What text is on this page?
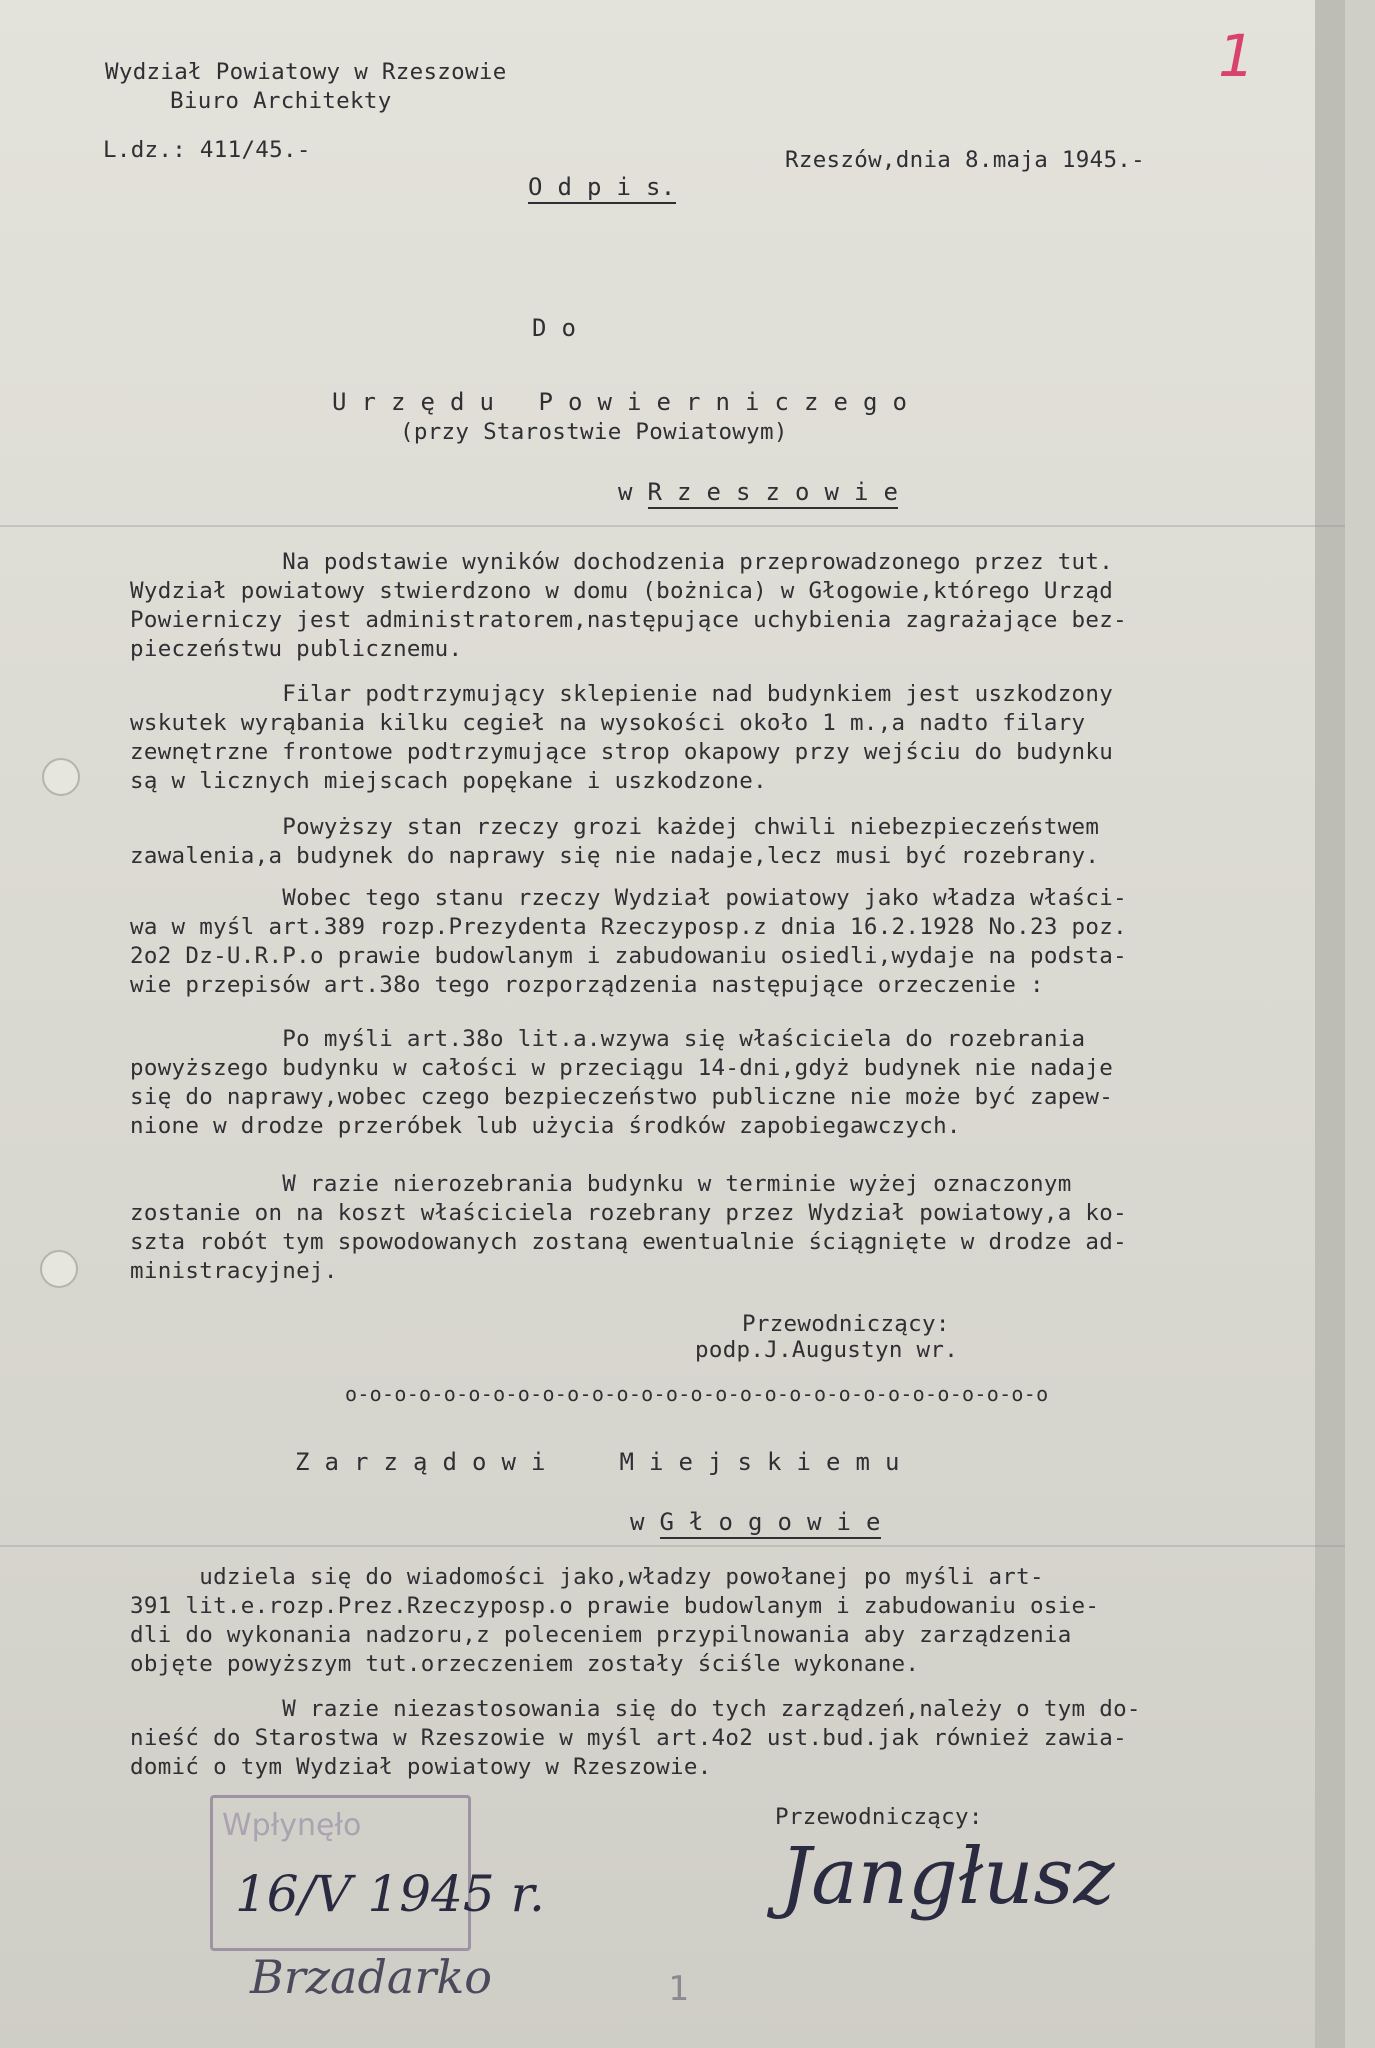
Wydział Powiatowy w Rzeszowie
Biuro Architekty
L.dz.: 411/45.-	Rzeszów,dnia 8.maja 1945.-
O d p i s.
1
D o
U r z ę d u   P o w i e r n i c z e g o
(przy Starostwie Powiatowym)
w R z e s z o w i e
Na podstawie wyników dochodzenia przeprowadzonego przez tut.
Wydział powiatowy stwierdzono w domu (bożnica) w Głogowie,którego Urząd
Powierniczy jest administratorem,następujące uchybienia zagrażające bez-
pieczeństwu publicznemu.
Filar podtrzymujący sklepienie nad budynkiem jest uszkodzony
wskutek wyrąbania kilku cegieł na wysokości około 1 m.,a nadto filary
zewnętrzne frontowe podtrzymujące strop okapowy przy wejściu do budynku
są w licznych miejscach popękane i uszkodzone.
Powyższy stan rzeczy grozi każdej chwili niebezpieczeństwem
zawalenia,a budynek do naprawy się nie nadaje,lecz musi być rozebrany.
Wobec tego stanu rzeczy Wydział powiatowy jako władza właści-
wa w myśl art.389 rozp.Prezydenta Rzeczyposp.z dnia 16.2.1928 No.23 poz.
2o2 Dz-U.R.P.o prawie budowlanym i zabudowaniu osiedli,wydaje na podsta-
wie przepisów art.38o tego rozporządzenia następujące orzeczenie :
Po myśli art.38o lit.a.wzywa się właściciela do rozebrania
powyższego budynku w całości w przeciągu 14-dni,gdyż budynek nie nadaje
się do naprawy,wobec czego bezpieczeństwo publiczne nie może być zapew-
nione w drodze przeróbek lub użycia środków zapobiegawczych.
W razie nierozebrania budynku w terminie wyżej oznaczonym
zostanie on na koszt właściciela rozebrany przez Wydział powiatowy,a ko-
szta robót tym spowodowanych zostaną ewentualnie ściągnięte w drodze ad-
ministracyjnej.
Przewodniczący:
podp.J.Augustyn wr.
o-o-o-o-o-o-o-o-o-o-o-o-o-o-o-o-o-o-o-o-o-o-o-o-o-o-o-o-o
Z a r z ą d o w i     M i e j s k i e m u
w G ł o g o w i e
udziela się do wiadomości jako,władzy powołanej po myśli art-
391 lit.e.rozp.Prez.Rzeczyposp.o prawie budowlanym i zabudowaniu osie-
dli do wykonania nadzoru,z poleceniem przypilnowania aby zarządzenia
objęte powyższym tut.orzeczeniem zostały ściśle wykonane.
W razie niezastosowania się do tych zarządzeń,należy o tym do-
nieść do Starostwa w Rzeszowie w myśl art.4o2 ust.bud.jak również zawia-
domić o tym Wydział powiatowy w Rzeszowie.
Przewodniczący:
Jangłusz
Wpłynęło
16/V 1945 r.
Brzadarko	1
